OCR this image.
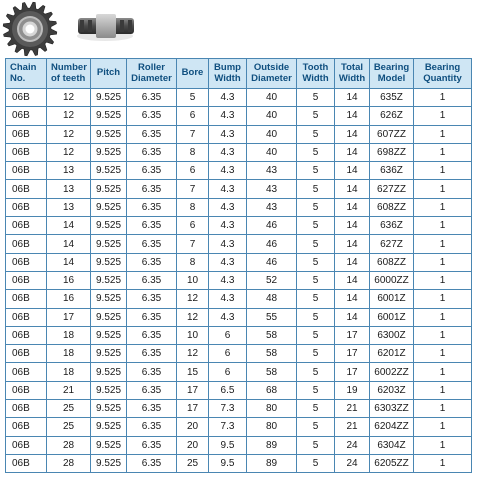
Chain No.	Number of teeth	Pitch	Roller Diameter	Bore	Bump Width	Outside Diameter	Tooth Width	Total Width	Bearing Model	Bearing Quantity
06B	12	9.525	6.35	5	4.3	40	5	14	635Z	1
06B	12	9.525	6.35	6	4.3	40	5	14	626Z	1
06B	12	9.525	6.35	7	4.3	40	5	14	607ZZ	1
06B	12	9.525	6.35	8	4.3	40	5	14	698ZZ	1
06B	13	9.525	6.35	6	4.3	43	5	14	636Z	1
06B	13	9.525	6.35	7	4.3	43	5	14	627ZZ	1
06B	13	9.525	6.35	8	4.3	43	5	14	608ZZ	1
06B	14	9.525	6.35	6	4.3	46	5	14	636Z	1
06B	14	9.525	6.35	7	4.3	46	5	14	627Z	1
06B	14	9.525	6.35	8	4.3	46	5	14	608ZZ	1
06B	16	9.525	6.35	10	4.3	52	5	14	6000ZZ	1
06B	16	9.525	6.35	12	4.3	48	5	14	6001Z	1
06B	17	9.525	6.35	12	4.3	55	5	14	6001Z	1
06B	18	9.525	6.35	10	6	58	5	17	6300Z	1
06B	18	9.525	6.35	12	6	58	5	17	6201Z	1
06B	18	9.525	6.35	15	6	58	5	17	6002ZZ	1
06B	21	9.525	6.35	17	6.5	68	5	19	6203Z	1
06B	25	9.525	6.35	17	7.3	80	5	21	6303ZZ	1
06B	25	9.525	6.35	20	7.3	80	5	21	6204ZZ	1
06B	28	9.525	6.35	20	9.5	89	5	24	6304Z	1
06B	28	9.525	6.35	25	9.5	89	5	24	6205ZZ	1
